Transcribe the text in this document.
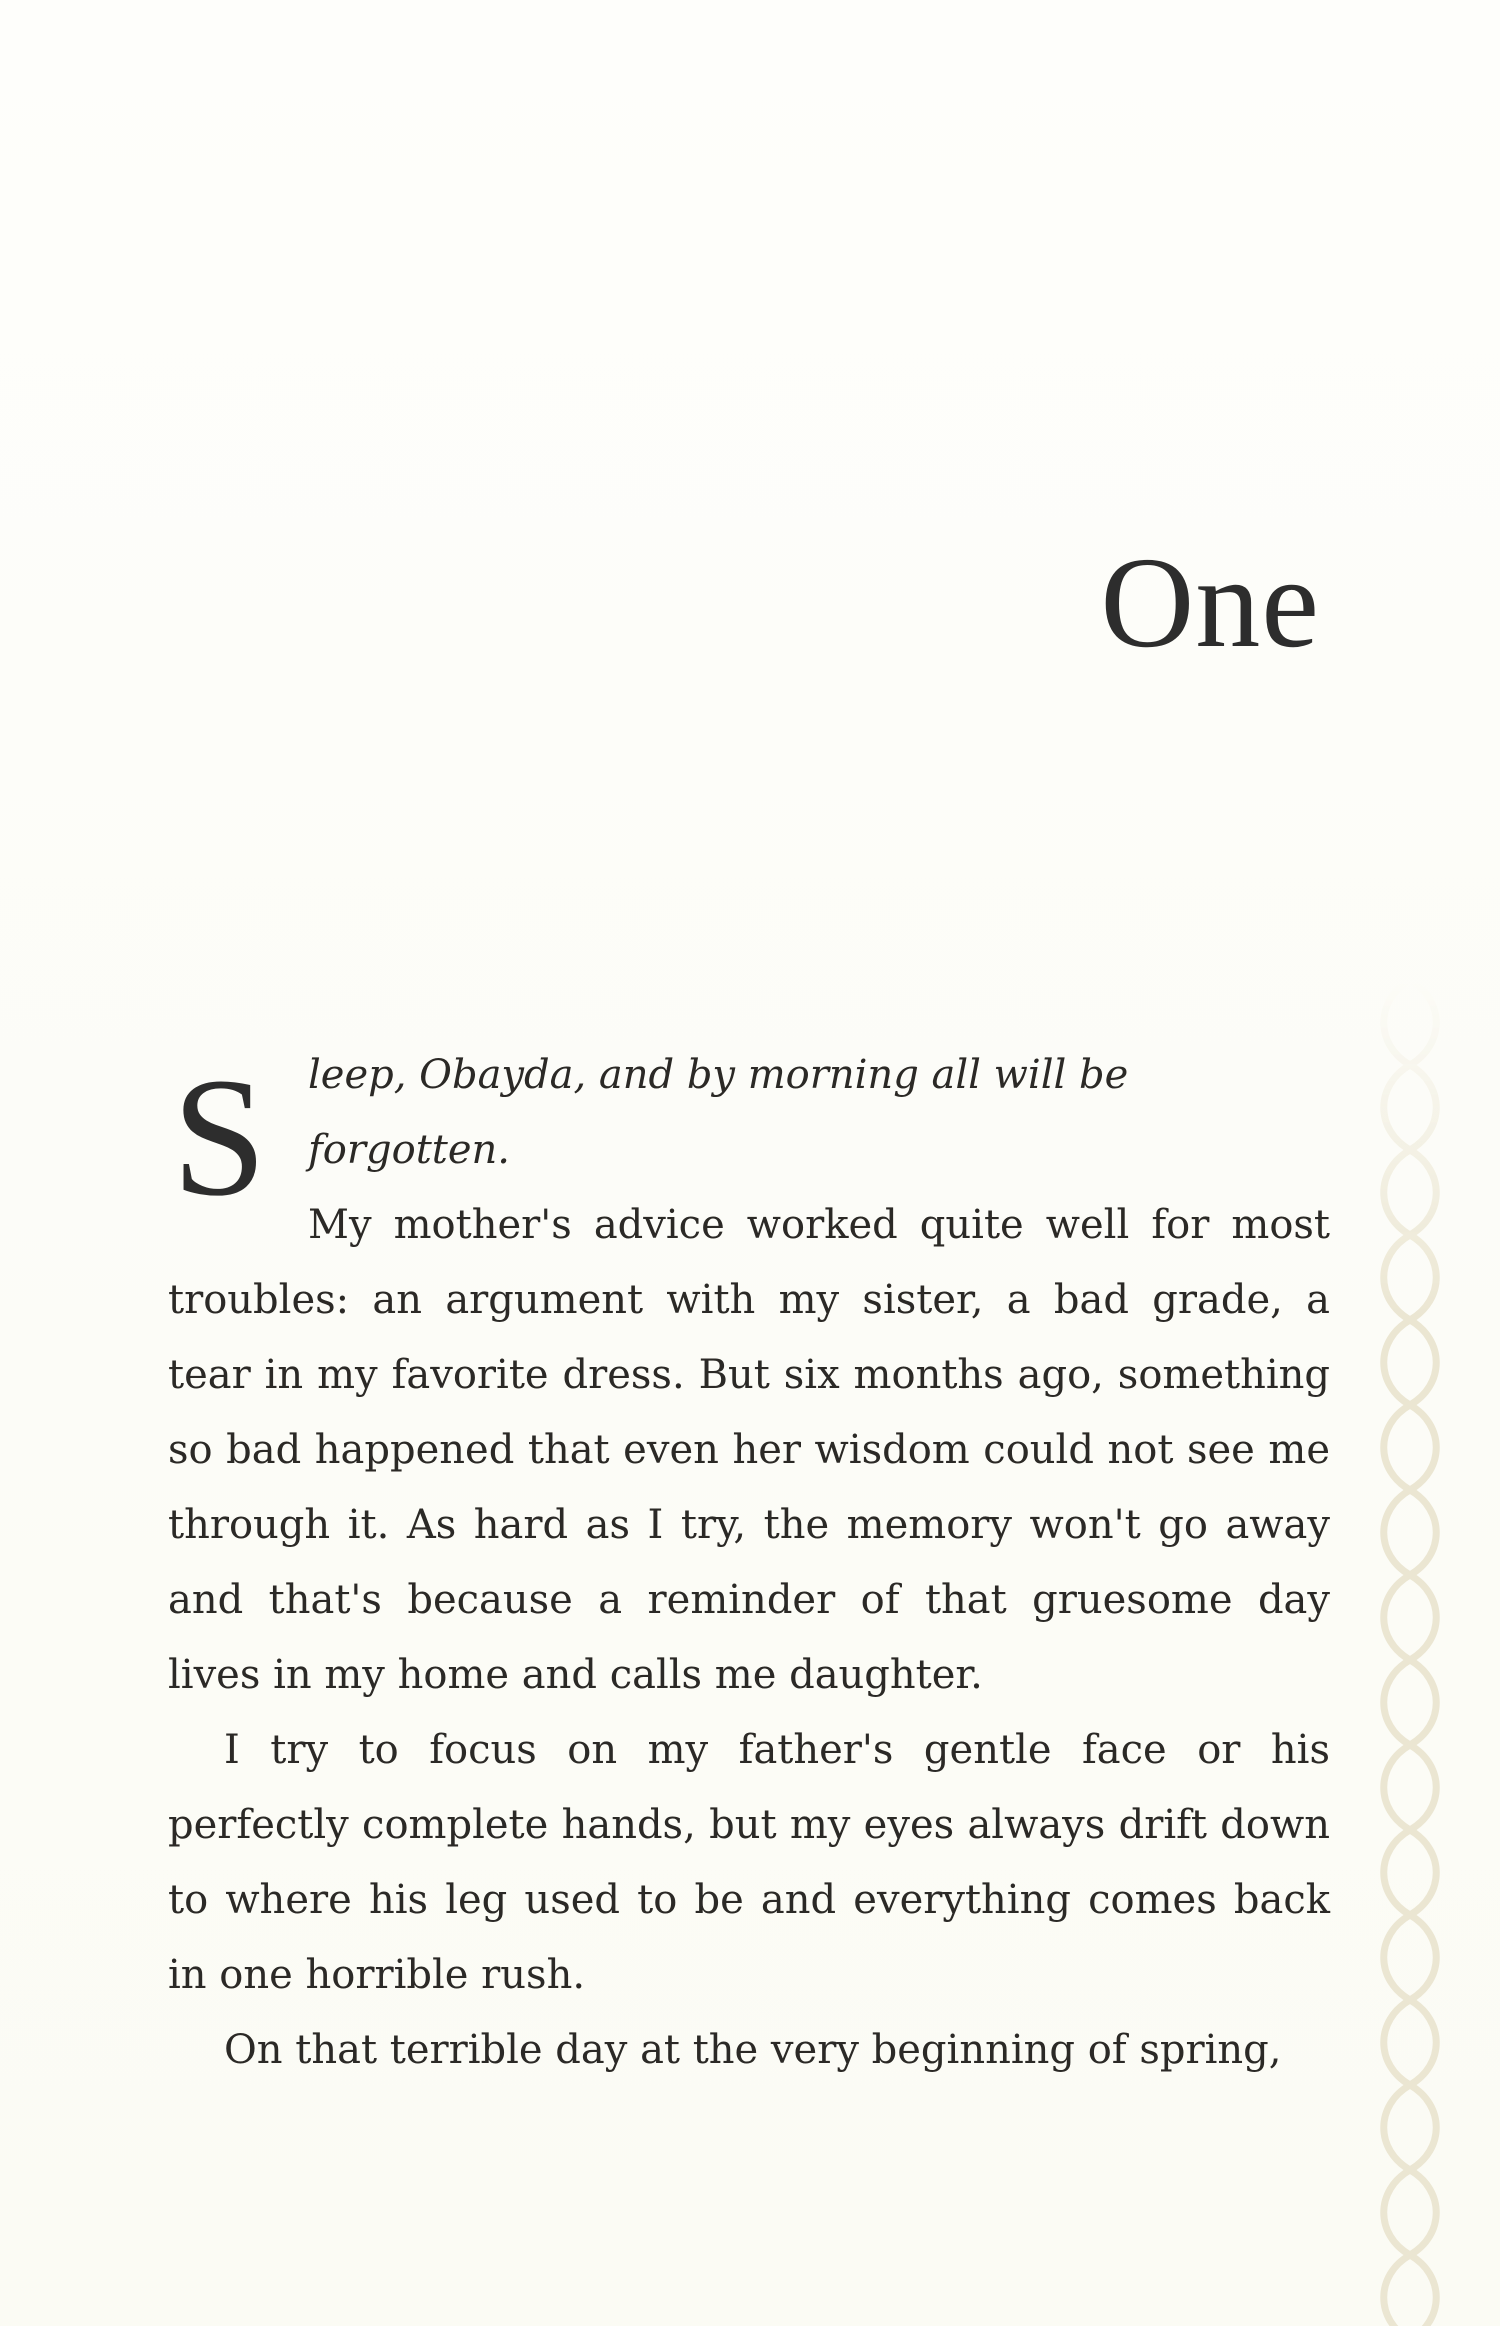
One
S leep, Obayda, and by morning all will be forgotten.

My mother's advice worked quite well for most troubles: an argument with my sister, a bad grade, a tear in my favorite dress. But six months ago, something so bad happened that even her wisdom could not see me through it. As hard as I try, the memory won't go away and that's because a reminder of that gruesome day lives in my home and calls me daughter.

I try to focus on my father's gentle face or his perfectly complete hands, but my eyes always drift down to where his leg used to be and everything comes back in one horrible rush.

On that terrible day at the very beginning of spring,
